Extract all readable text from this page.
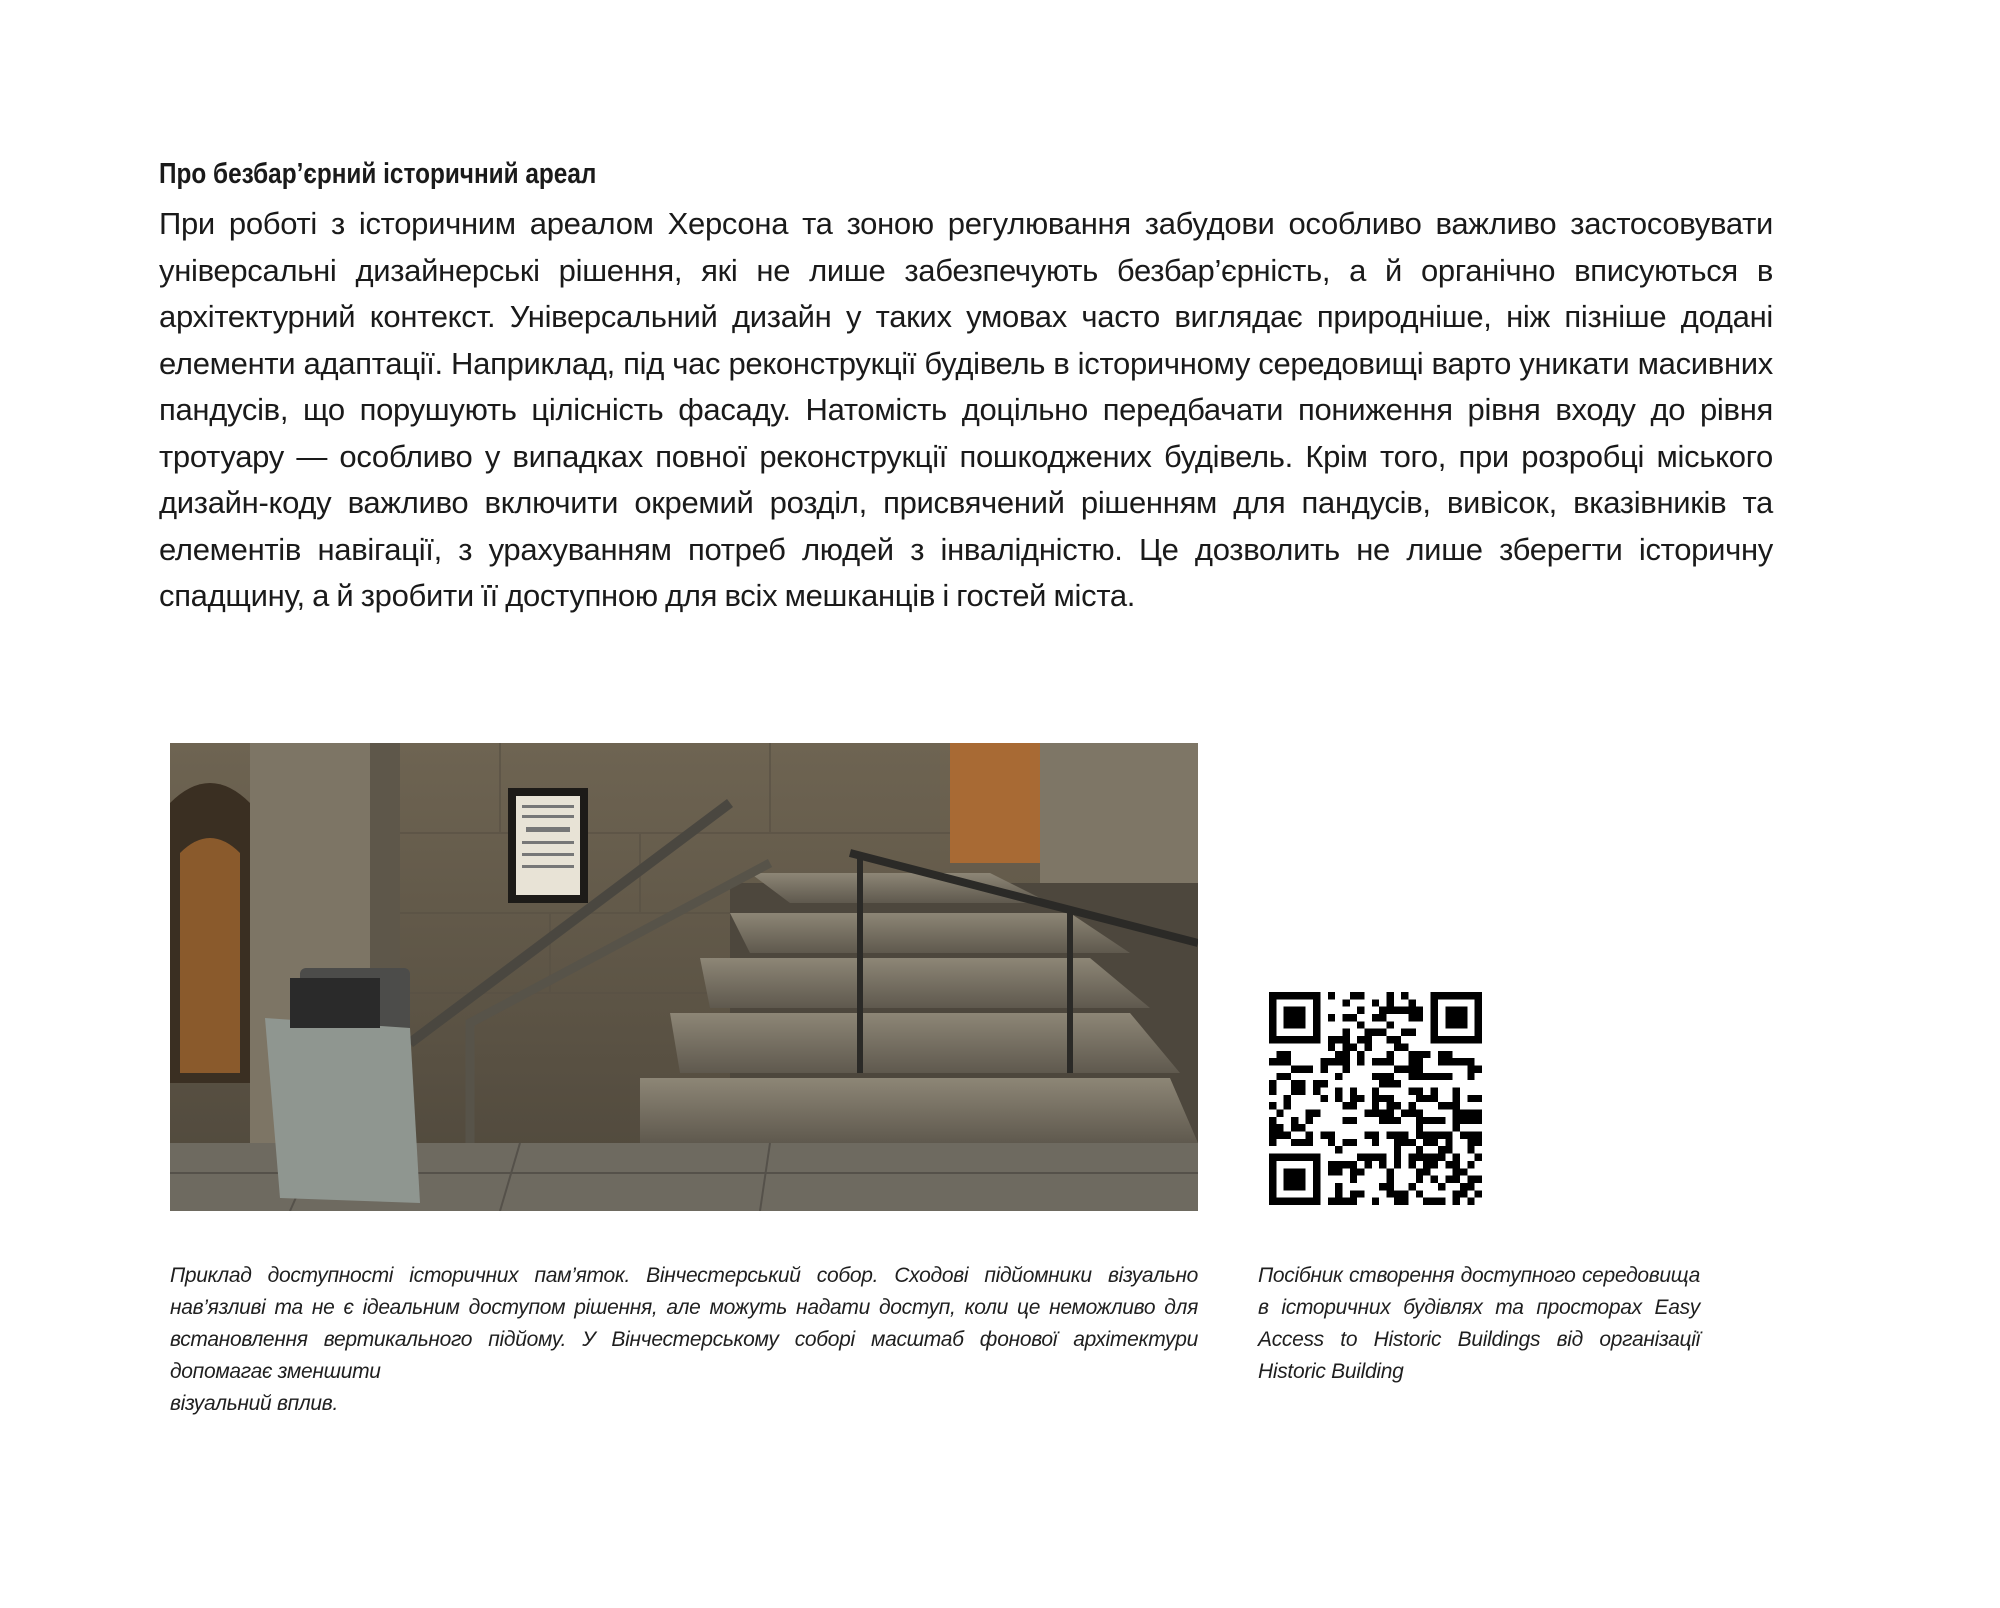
Про безбар’єрний історичний ареал

При роботі з історичним ареалом Херсона та зоною регулювання забудови особливо важливо застосовувати універсальні дизайнерські рішення, які не лише забезпечують безбар’єрність, а й органічно вписуються в архітектурний контекст. Універсальний дизайн у таких умовах часто виглядає природніше, ніж пізніше додані елементи адаптації. Наприклад, під час реконструкції будівель в історичному середовищі варто уникати масивних пандусів, що порушують цілісність фасаду. Натомість доцільно передбачати пониження рівня входу до рівня тротуару — особливо у випадках повної реконструкції пошкоджених будівель. Крім того, при розробці міського дизайн-коду важливо включити окремий розділ, присвячений рішенням для пандусів, вивісок, вказівників та елементів навігації, з урахуванням потреб людей з інвалідністю. Це дозволить не лише зберегти історичну спадщину, а й зробити її доступною для всіх мешканців і гостей міста.

Приклад доступності історичних пам’яток. Вінчестерський собор. Сходові підйомники візуально нав’язливі та не є ідеальним доступом рішення, але можуть надати доступ, коли це неможливо для встановлення вертикального підйому. У Вінчестерському соборі масштаб фонової архітектури допомагає зменшити
візуальний вплив.
Посібник створення доступного середовища в історичних будівлях та просторах Easy Access to Historic Buildings від організації Historic Building
